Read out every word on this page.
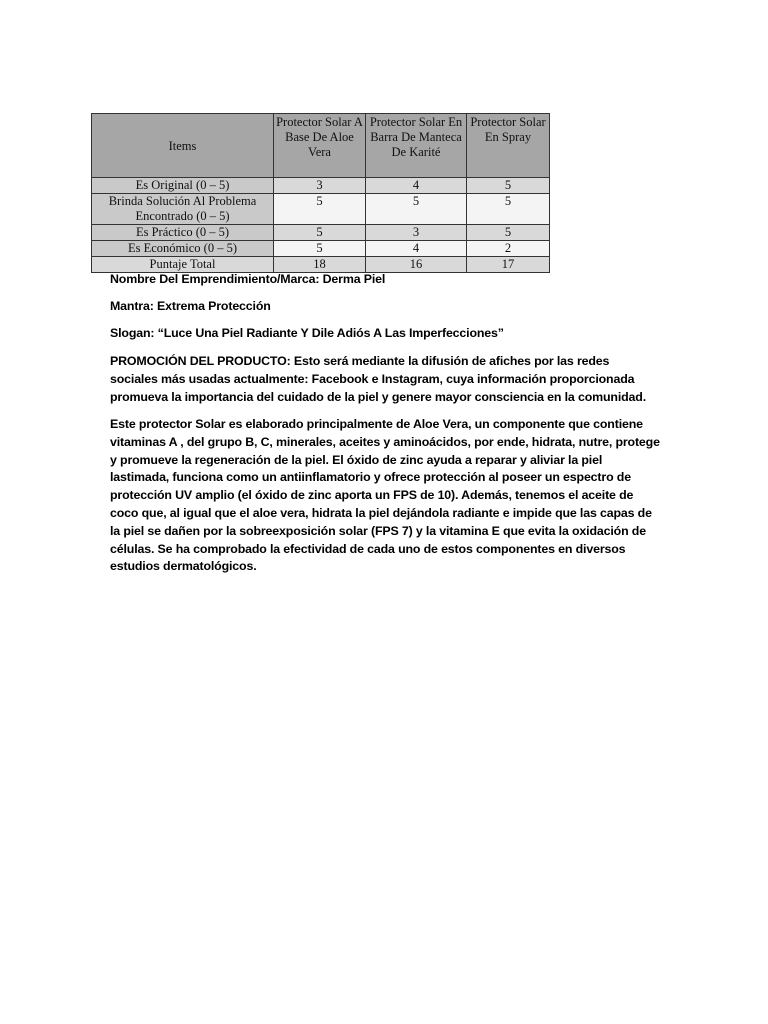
Items	Protector Solar A Base De Aloe Vera	Protector Solar En Barra De Manteca De Karité	Protector Solar En Spray
Es Original (0 – 5)	3	4	5
Brinda Solución Al Problema Encontrado (0 – 5)	5	5	5
Es Práctico (0 – 5)	5	3	5
Es Económico (0 – 5)	5	4	2
Puntaje Total	18	16	17
Nombre Del Emprendimiento/Marca: Derma Piel
Mantra: Extrema Protección
Slogan: “Luce Una Piel Radiante Y Dile Adiós A Las Imperfecciones”
PROMOCIÓN DEL PRODUCTO: Esto será mediante la difusión de afiches por las redes sociales más usadas actualmente: Facebook e Instagram, cuya información proporcionada promueva la importancia del cuidado de la piel y genere mayor consciencia en la comunidad.
Este protector Solar es elaborado principalmente de Aloe Vera, un componente que contiene vitaminas A , del grupo B, C, minerales, aceites y aminoácidos, por ende, hidrata, nutre, protege y promueve la regeneración de la piel. El óxido de zinc ayuda a reparar y aliviar la piel lastimada, funciona como un antiinflamatorio y ofrece protección al poseer un espectro de protección UV amplio (el óxido de zinc aporta un FPS de 10). Además, tenemos el aceite de coco que, al igual que el aloe vera, hidrata la piel dejándola radiante e impide que las capas de la piel se dañen por la sobreexposición solar (FPS 7) y la vitamina E que evita la oxidación de células. Se ha comprobado la efectividad de cada uno de estos componentes en diversos estudios dermatológicos.
